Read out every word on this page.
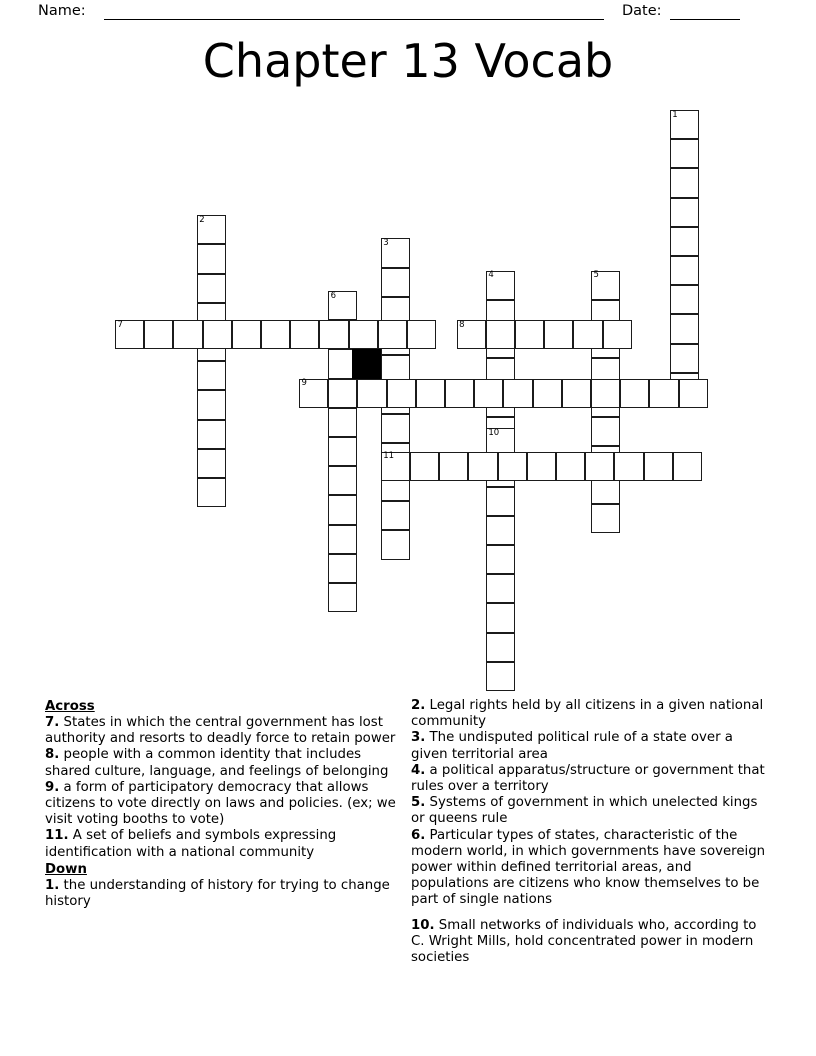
Name:	Date:
Chapter 13 Vocab
1
2
3
4	5
6
7	8
9
10
11
Across
7. States in which the central government has lost authority and resorts to deadly force to retain power
8. people with a common identity that includes shared culture, language, and feelings of belonging
9. a form of participatory democracy that allows citizens to vote directly on laws and policies. (ex; we visit voting booths to vote)
11. A set of beliefs and symbols expressing identification with a national community
Down
1. the understanding of history for trying to change history
2. Legal rights held by all citizens in a given national community
3. The undisputed political rule of a state over a given territorial area
4. a political apparatus/structure or government that rules over a territory
5. Systems of government in which unelected kings or queens rule
6. Particular types of states, characteristic of the modern world, in which governments have sovereign power within defined territorial areas, and populations are citizens who know themselves to be part of single nations
10. Small networks of individuals who, according to C. Wright Mills, hold concentrated power in modern societies
